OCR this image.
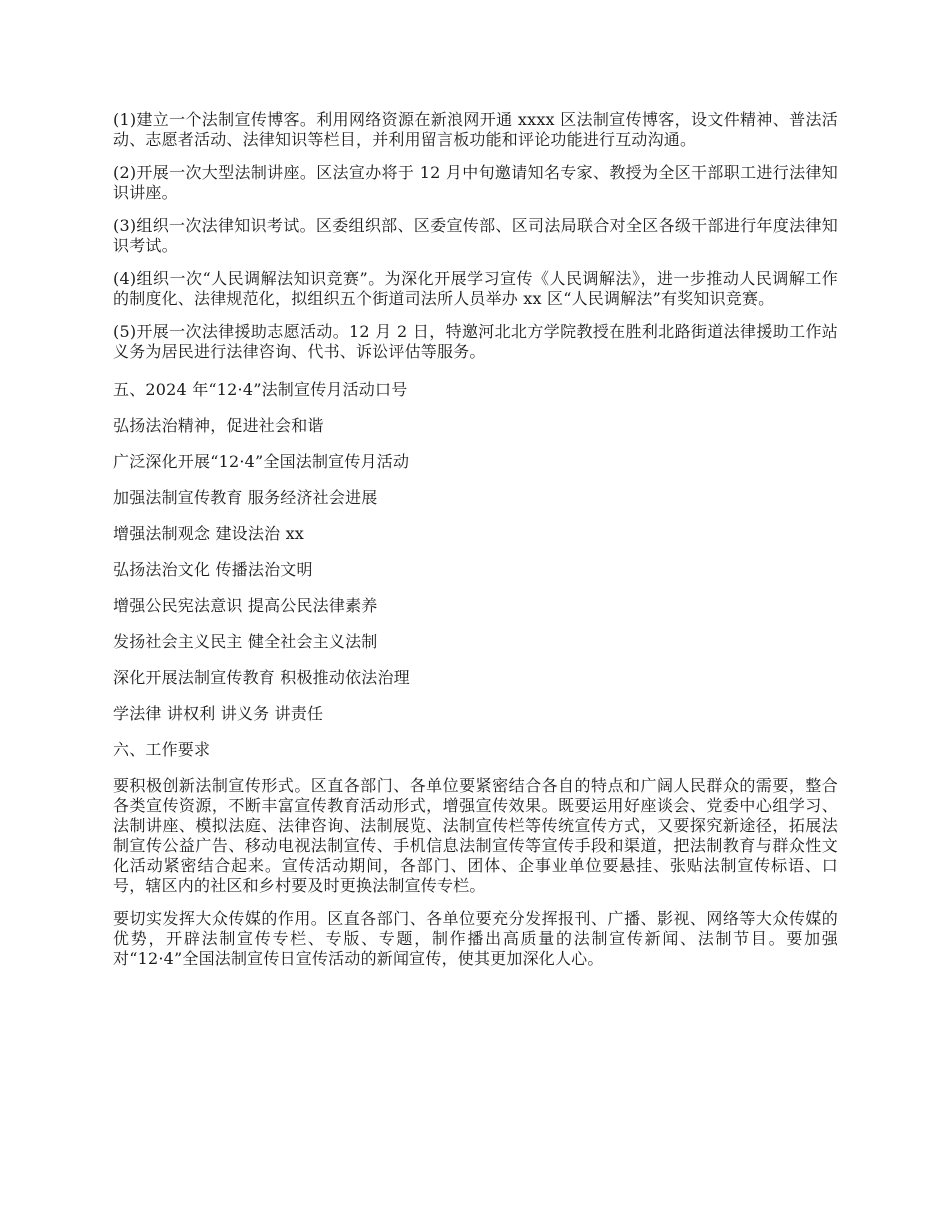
(1)建立一个法制宣传博客。利用网络资源在新浪网开通 xxxx 区法制宣传博客，设文件精神、普法活动、志愿者活动、法律知识等栏目，并利用留言板功能和评论功能进行互动沟通。

(2)开展一次大型法制讲座。区法宣办将于 12 月中旬邀请知名专家、教授为全区干部职工进行法律知识讲座。

(3)组织一次法律知识考试。区委组织部、区委宣传部、区司法局联合对全区各级干部进行年度法律知识考试。

(4)组织一次“人民调解法知识竞赛”。为深化开展学习宣传《人民调解法》，进一步推动人民调解工作的制度化、法律规范化，拟组织五个街道司法所人员举办 xx 区“人民调解法”有奖知识竞赛。

(5)开展一次法律援助志愿活动。12 月 2 日，特邀河北北方学院教授在胜利北路街道法律援助工作站义务为居民进行法律咨询、代书、诉讼评估等服务。

五、2024 年“12·4”法制宣传月活动口号

弘扬法治精神，促进社会和谐

广泛深化开展“12·4”全国法制宣传月活动

加强法制宣传教育 服务经济社会进展

增强法制观念 建设法治 xx

弘扬法治文化 传播法治文明

增强公民宪法意识 提高公民法律素养

发扬社会主义民主 健全社会主义法制

深化开展法制宣传教育 积极推动依法治理

学法律 讲权利 讲义务 讲责任

六、工作要求

要积极创新法制宣传形式。区直各部门、各单位要紧密结合各自的特点和广阔人民群众的需要，整合各类宣传资源，不断丰富宣传教育活动形式，增强宣传效果。既要运用好座谈会、党委中心组学习、法制讲座、模拟法庭、法律咨询、法制展览、法制宣传栏等传统宣传方式，又要探究新途径，拓展法制宣传公益广告、移动电视法制宣传、手机信息法制宣传等宣传手段和渠道，把法制教育与群众性文化活动紧密结合起来。宣传活动期间，各部门、团体、企事业单位要悬挂、张贴法制宣传标语、口号，辖区内的社区和乡村要及时更换法制宣传专栏。

要切实发挥大众传媒的作用。区直各部门、各单位要充分发挥报刊、广播、影视、网络等大众传媒的优势，开辟法制宣传专栏、专版、专题，制作播出高质量的法制宣传新闻、法制节目。要加强对“12·4”全国法制宣传日宣传活动的新闻宣传，使其更加深化人心。
